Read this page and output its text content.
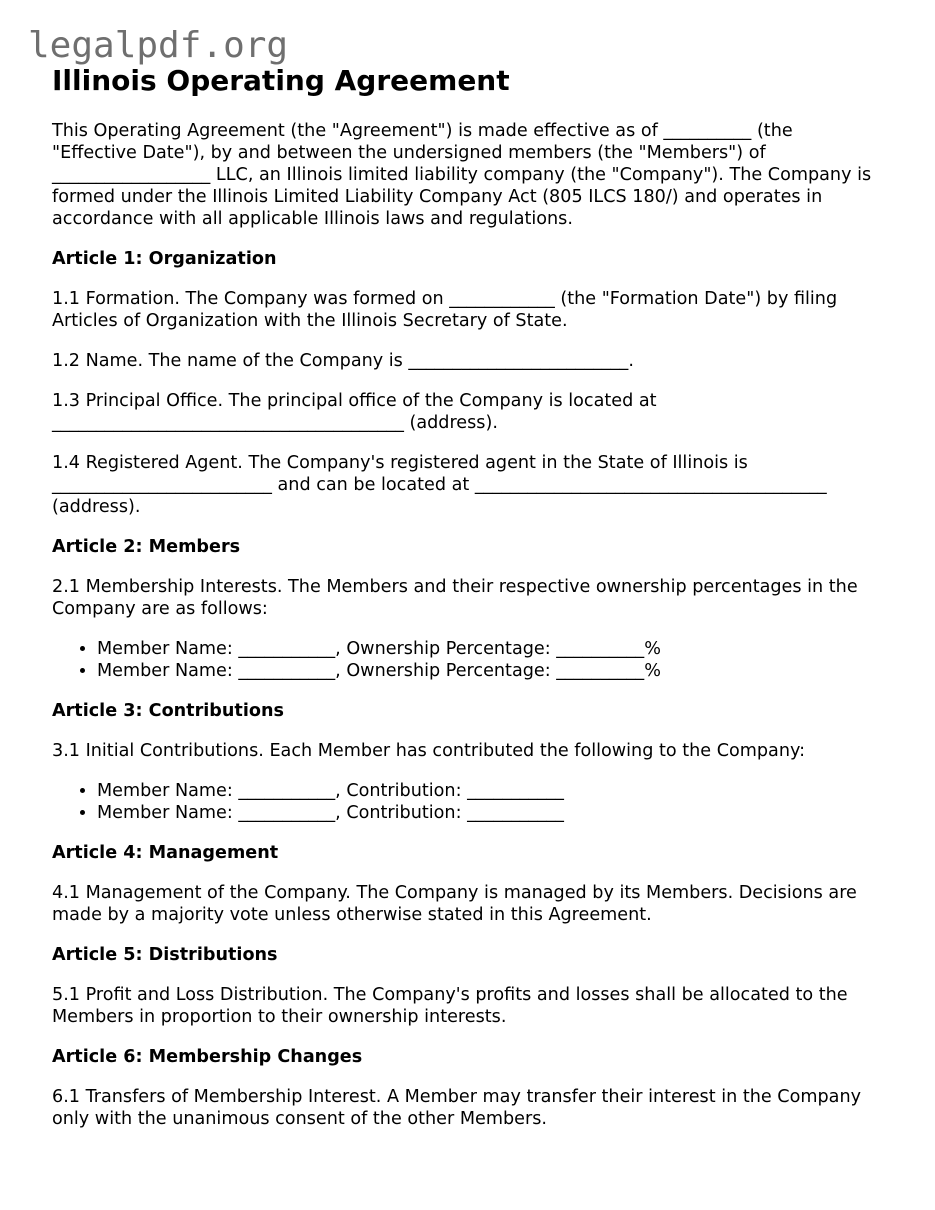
legalpdf.org
Illinois Operating Agreement

This Operating Agreement (the "Agreement") is made effective as of __________ (the "Effective Date"), by and between the undersigned members (the "Members") of __________________ LLC, an Illinois limited liability company (the "Company"). The Company is formed under the Illinois Limited Liability Company Act (805 ILCS 180/) and operates in accordance with all applicable Illinois laws and regulations.

Article 1: Organization

1.1 Formation. The Company was formed on ____________ (the "Formation Date") by filing Articles of Organization with the Illinois Secretary of State.

1.2 Name. The name of the Company is _________________________.

1.3 Principal Office. The principal office of the Company is located at ________________________________________ (address).

1.4 Registered Agent. The Company's registered agent in the State of Illinois is _________________________ and can be located at ________________________________________ (address).

Article 2: Members

2.1 Membership Interests. The Members and their respective ownership percentages in the Company are as follows:

• Member Name: ___________, Ownership Percentage: __________%
• Member Name: ___________, Ownership Percentage: __________%
Article 3: Contributions

3.1 Initial Contributions. Each Member has contributed the following to the Company:

• Member Name: ___________, Contribution: ___________
• Member Name: ___________, Contribution: ___________
Article 4: Management

4.1 Management of the Company. The Company is managed by its Members. Decisions are made by a majority vote unless otherwise stated in this Agreement.

Article 5: Distributions

5.1 Profit and Loss Distribution. The Company's profits and losses shall be allocated to the Members in proportion to their ownership interests.

Article 6: Membership Changes

6.1 Transfers of Membership Interest. A Member may transfer their interest in the Company only with the unanimous consent of the other Members.
